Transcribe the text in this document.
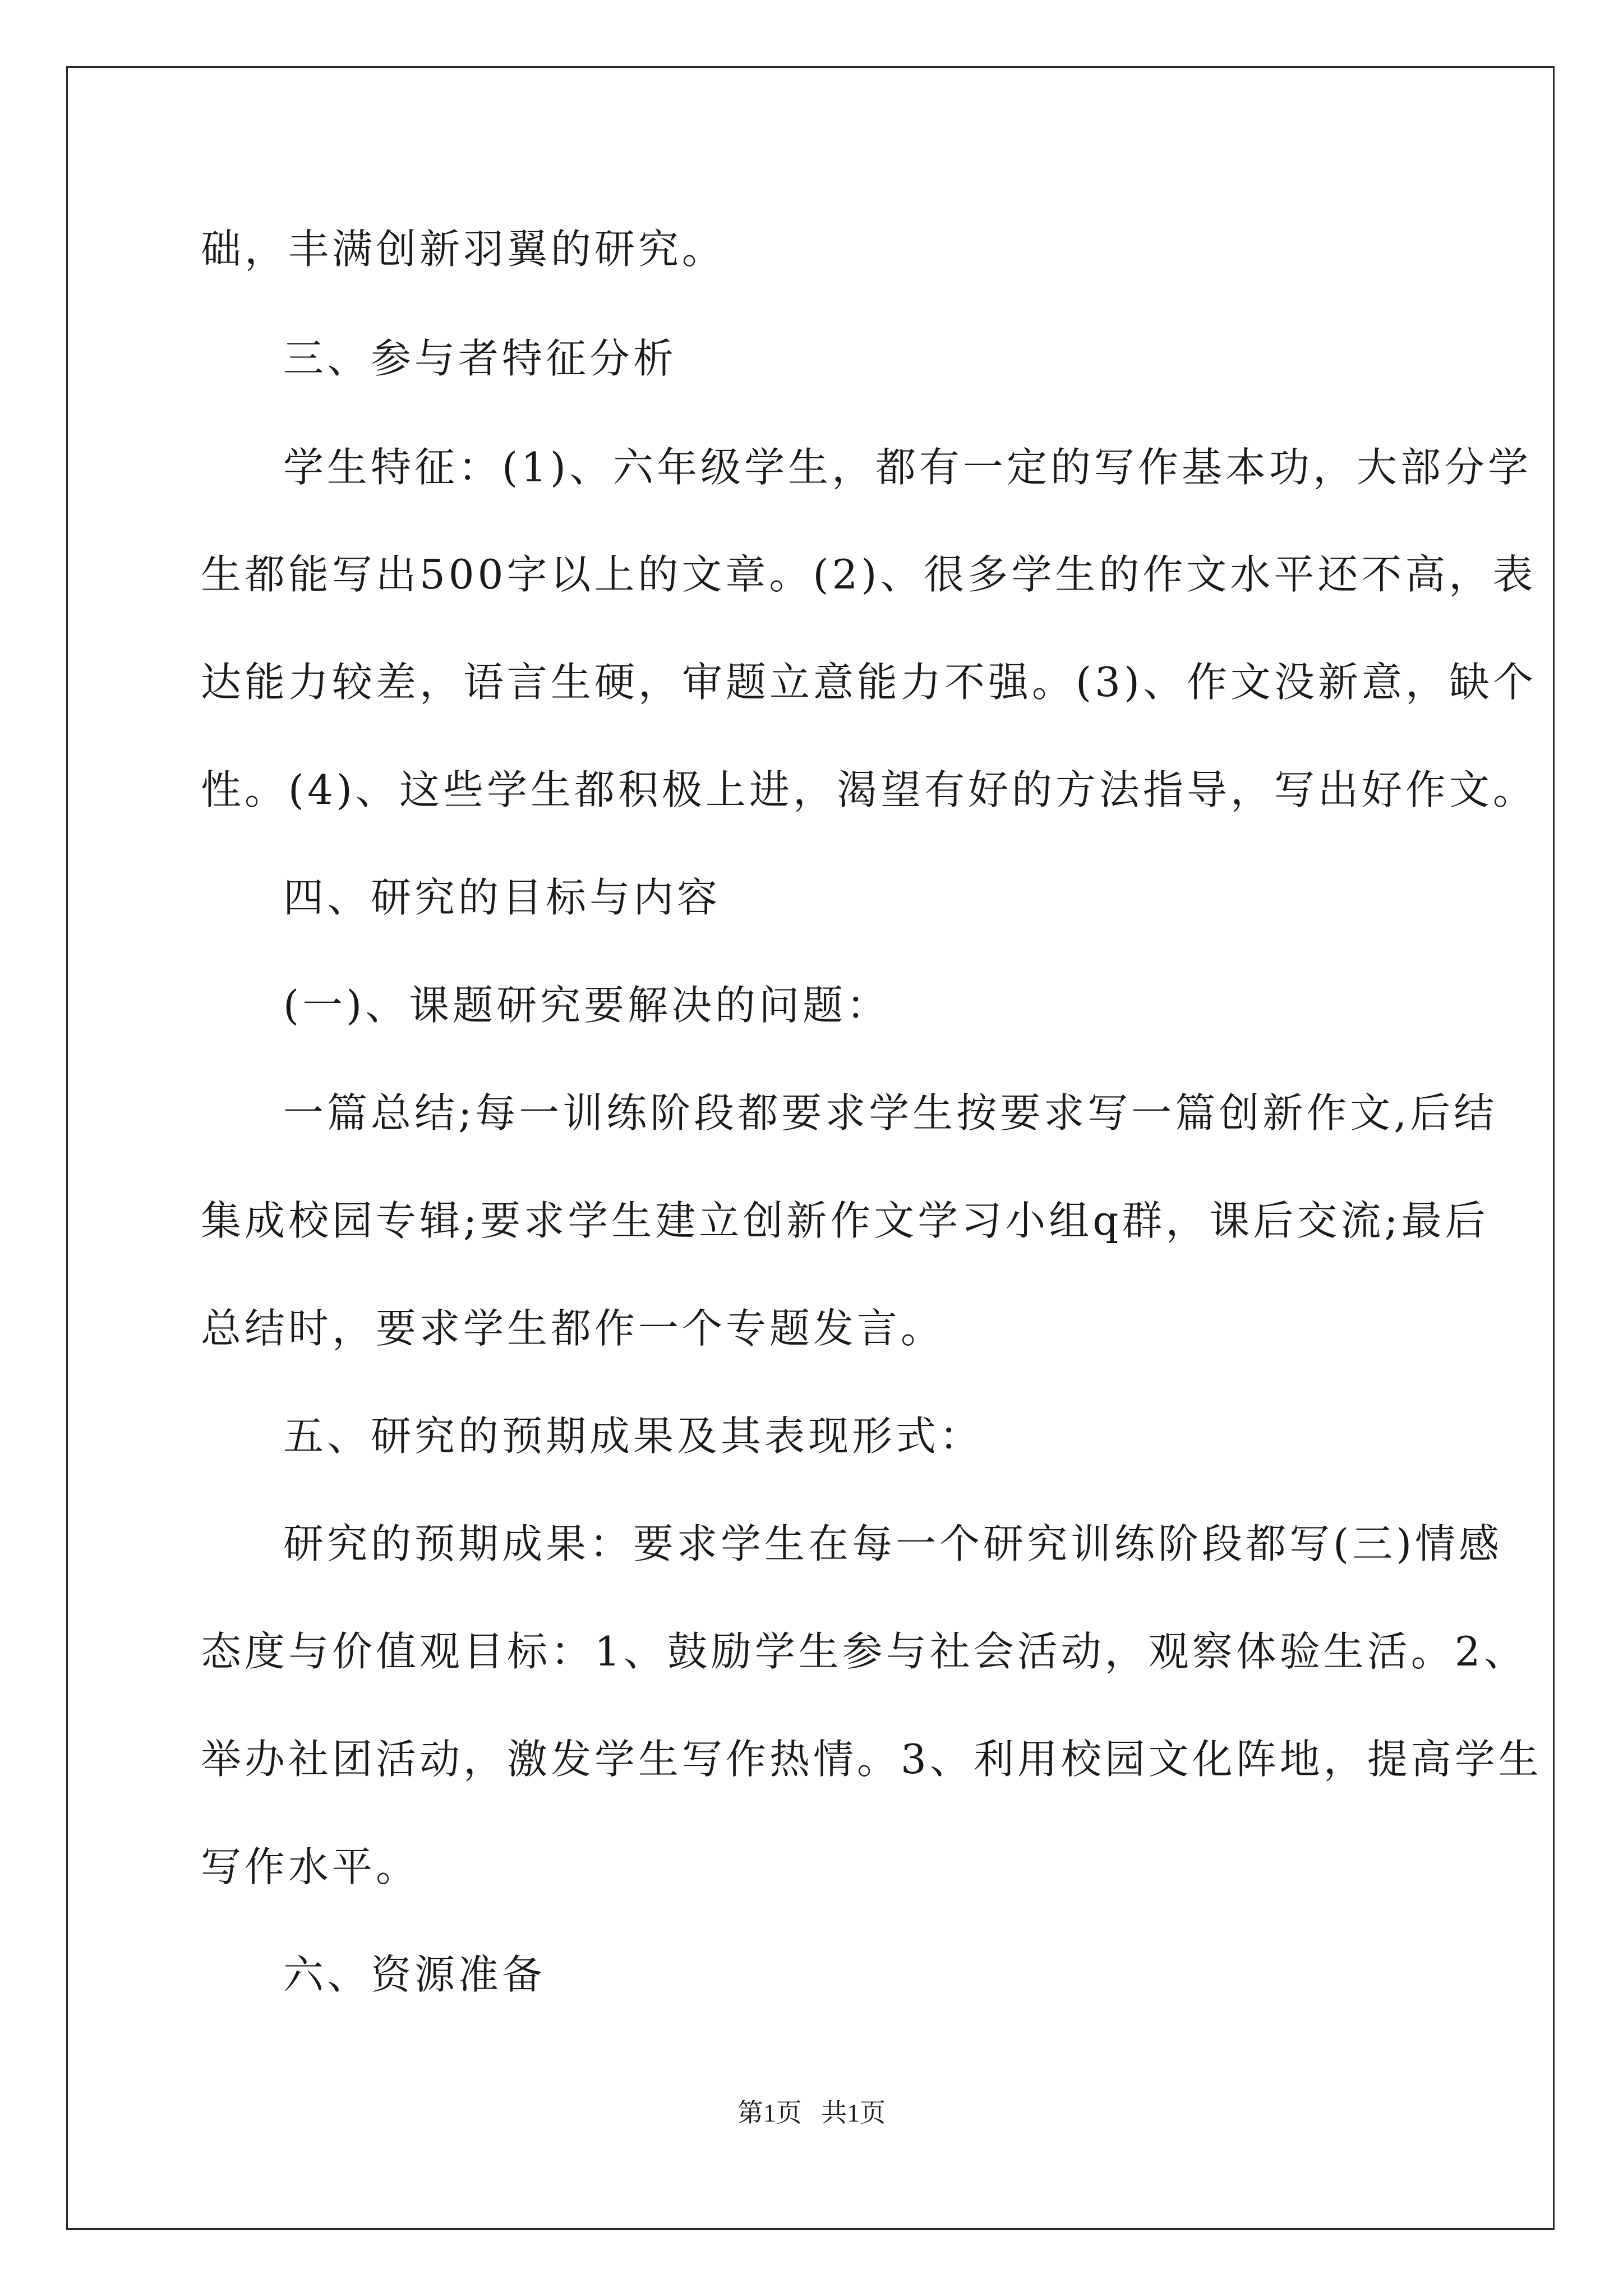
础，丰满创新羽翼的研究。
三、参与者特征分析
学生特征：(1)、六年级学生，都有一定的写作基本功，大部分学
生都能写出500字以上的文章。(2)、很多学生的作文水平还不高，表
达能力较差，语言生硬，审题立意能力不强。(3)、作文没新意，缺个
性。(4)、这些学生都积极上进，渴望有好的方法指导，写出好作文。
四、研究的目标与内容
(一)、课题研究要解决的问题：
一篇总结;每一训练阶段都要求学生按要求写一篇创新作文,后结
集成校园专辑;要求学生建立创新作文学习小组q群，课后交流;最后
总结时，要求学生都作一个专题发言。
五、研究的预期成果及其表现形式：
研究的预期成果：要求学生在每一个研究训练阶段都写(三)情感
态度与价值观目标：1、鼓励学生参与社会活动，观察体验生活。2、
举办社团活动，激发学生写作热情。3、利用校园文化阵地，提高学生
写作水平。
六、资源准备
第1页   共1页
